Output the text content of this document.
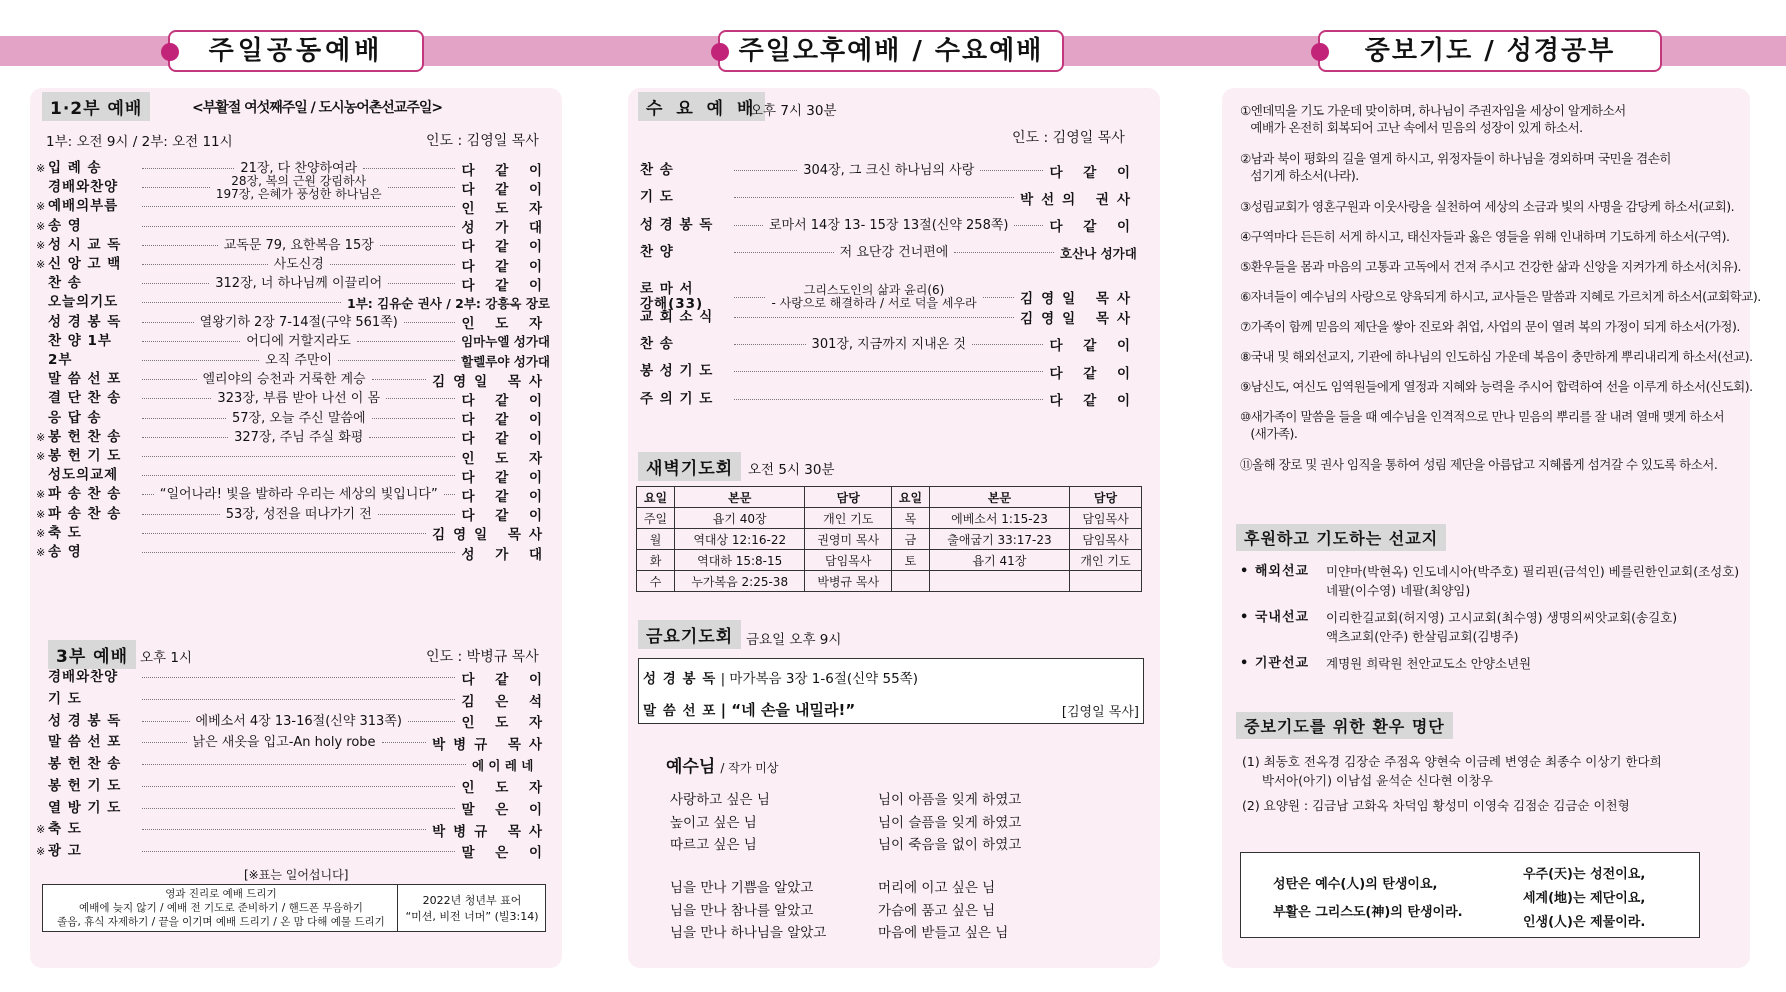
주일공동예배	주일오후예배 / 수요예배	중보기도 / 성경공부
1·2부 예배	<부활절 여섯째주일 / 도시농어촌선교주일>
1부: 오전 9시 / 2부: 오전 11시	인도 : 김영일 목사
※ 입 례 송	21장, 다 찬양하여라	다 같 이
경배와찬양	28장, 복의 근원 강림하사
197장, 은혜가 풍성한 하나님은	다 같 이
※ 예배의부름	인 도 자
※ 송 영	성 가 대
※ 성 시 교 독	교독문 79, 요한복음 15장	다 같 이
※ 신 앙 고 백	사도신경	다 같 이
찬 송	312장, 너 하나님께 이끌리어	다 같 이
오늘의기도	1부: 김유순 권사 / 2부: 강흥옥 장로
성 경 봉 독	열왕기하 2장 7-14절(구약 561쪽)	인 도 자
찬 양 1부	어디에 거할지라도	임마누엘 성가대
2부	오직 주만이	할렐루야 성가대
말 씀 선 포	엘리야의 승천과 거룩한 계승	김영일 목사
결 단 찬 송	323장, 부름 받아 나선 이 몸	다 같 이
응 답 송	57장, 오늘 주신 말씀에	다 같 이
※ 봉 헌 찬 송	327장, 주님 주실 화평	다 같 이
※ 봉 헌 기 도	인 도 자
성도의교제	다 같 이
※ 파 송 찬 송	“일어나라! 빛을 발하라 우리는 세상의 빛입니다” 다 같 이
※ 파 송 찬 송	53장, 성전을 떠나가기 전	다 같 이
※ 축 도	김영일 목사
※ 송 영	성 가 대
3부 예배 오후 1시	인도 : 박병규 목사
경배와찬양	다 같 이
기 도	김 은 석
성 경 봉 독	에베소서 4장 13-16절(신약 313쪽)	인 도 자
말 씀 선 포	낡은 새옷을 입고-An holy robe	박병규 목사
봉 헌 찬 송	에 이 레 네
봉 헌 기 도	인 도 자
열 방 기 도	말 은 이
※ 축 도	박병규 목사
※ 광 고	말 은 이
[※표는 일어섭니다]
영과 진리로 예배 드리기
예배에 늦지 않기 / 예배 전 기도로 준비하기 / 핸드폰 무음하기
졸음, 휴식 자제하기 / 끝을 이기며 예배 드리기 / 온 맘 다해 예물 드리기
2022년 청년부 표어
“미션, 비전 너머” (빌3:14)
수 요 예 배
오후 7시 30분
인도 : 김영일 목사
찬 송	304장, 그 크신 하나님의 사랑	다 같 이
기 도	박선의 권사
성 경 봉 독	로마서 14장 13- 15장 13절(신약 258쪽)	다 같 이
찬 양	저 요단강 건너편에	호산나 성가대
로 마 서
강해(33)
그리스도인의 삶과 윤리(6)
- 사랑으로 해결하라 / 서로 덕을 세우라	김영일 목사
교 회 소 식	김영일 목사
찬 송	301장, 지금까지 지내온 것	다 같 이
봉 성 기 도	다 같 이
주 의 기 도	다 같 이
새벽기도회	오전 5시 30분
요일	본문	담당	요일	본문	담당
주일	욥기 40장	개인 기도	목	에베소서 1:15-23	담임목사
월	역대상 12:16-22	권영미 목사	금	출애굽기 33:17-23	담임목사
화	역대하 15:8-15	담임목사	토	욥기 41장	개인 기도
수	누가복음 2:25-38	박병규 목사			
금요기도회 금요일 오후 9시
성 경 봉 독 | 마가복음 3장 1-6절(신약 55쪽)
말 씀 선 포 | “네 손을 내밀라!”	[김영일 목사]
예수님 / 작가 미상
사랑하고 싶은 님
높이고 싶은 님
따르고 싶은 님
님이 아픔을 잊게 하였고
님이 슬픔을 잊게 하였고
님이 죽음을 없이 하였고
님을 만나 기쁨을 알았고
님을 만나 참나를 알았고
님을 만나 하나님을 알았고
머리에 이고 싶은 님
가슴에 품고 싶은 님
마음에 받들고 싶은 님
①엔데믹을 기도 가운데 맞이하며, 하나님이 주권자임을 세상이 알게하소서
예배가 온전히 회복되어 고난 속에서 믿음의 성장이 있게 하소서.
②남과 북이 평화의 길을 열게 하시고, 위정자들이 하나님을 경외하며 국민을 겸손히
섬기게 하소서(나라).
③성림교회가 영혼구원과 이웃사랑을 실천하여 세상의 소금과 빛의 사명을 감당케 하소서(교회).
④구역마다 든든히 서게 하시고, 태신자들과 옳은 영들을 위해 인내하며 기도하게 하소서(구역).
⑤환우들을 몸과 마음의 고통과 고독에서 건져 주시고 건강한 삶과 신앙을 지켜가게 하소서(치유).
⑥자녀들이 예수님의 사랑으로 양육되게 하시고, 교사들은 말씀과 지혜로 가르치게 하소서(교회학교).
⑦가족이 함께 믿음의 제단을 쌓아 진로와 취업, 사업의 문이 열려 복의 가정이 되게 하소서(가정).
⑧국내 및 해외선교지, 기관에 하나님의 인도하심 가운데 복음이 충만하게 뿌리내리게 하소서(선교).
⑨남신도, 여신도 임역원들에게 열정과 지혜와 능력을 주시어 합력하여 선을 이루게 하소서(신도회).
⑩새가족이 말씀을 들을 때 예수님을 인격적으로 만나 믿음의 뿌리를 잘 내려 열매 맺게 하소서
(새가족).
⑪올해 장로 및 권사 임직을 통하여 성림 제단을 아름답고 지혜롭게 섬겨갈 수 있도록 하소서.
후원하고 기도하는 선교지
• 해외선교 미얀마(박현옥) 인도네시아(박주호) 필리핀(금석인) 베를린한인교회(조성호)
네팔(이수영) 네팔(최양임)
• 국내선교 이리한길교회(허지영) 고시교회(최수영) 생명의씨앗교회(송길호)
액츠교회(안주) 한살림교회(김병주)
• 기관선교 계명원 희락원 천안교도소 안양소년원
중보기도를 위한 환우 명단
(1) 최동호 전옥경 김장순 주점옥 양현숙 이금례 변영순 최종수 이상기 한다희
박서아(아기) 이남섭 윤석순 신다현 이창우
(2) 요양원 : 김금남 고화옥 차덕임 황성미 이영숙 김점순 김금순 이천형
성탄은 예수(人)의 탄생이요,
부활은 그리스도(神)의 탄생이라.
우주(天)는 성전이요,
세계(地)는 제단이요,
인생(人)은 제물이라.
